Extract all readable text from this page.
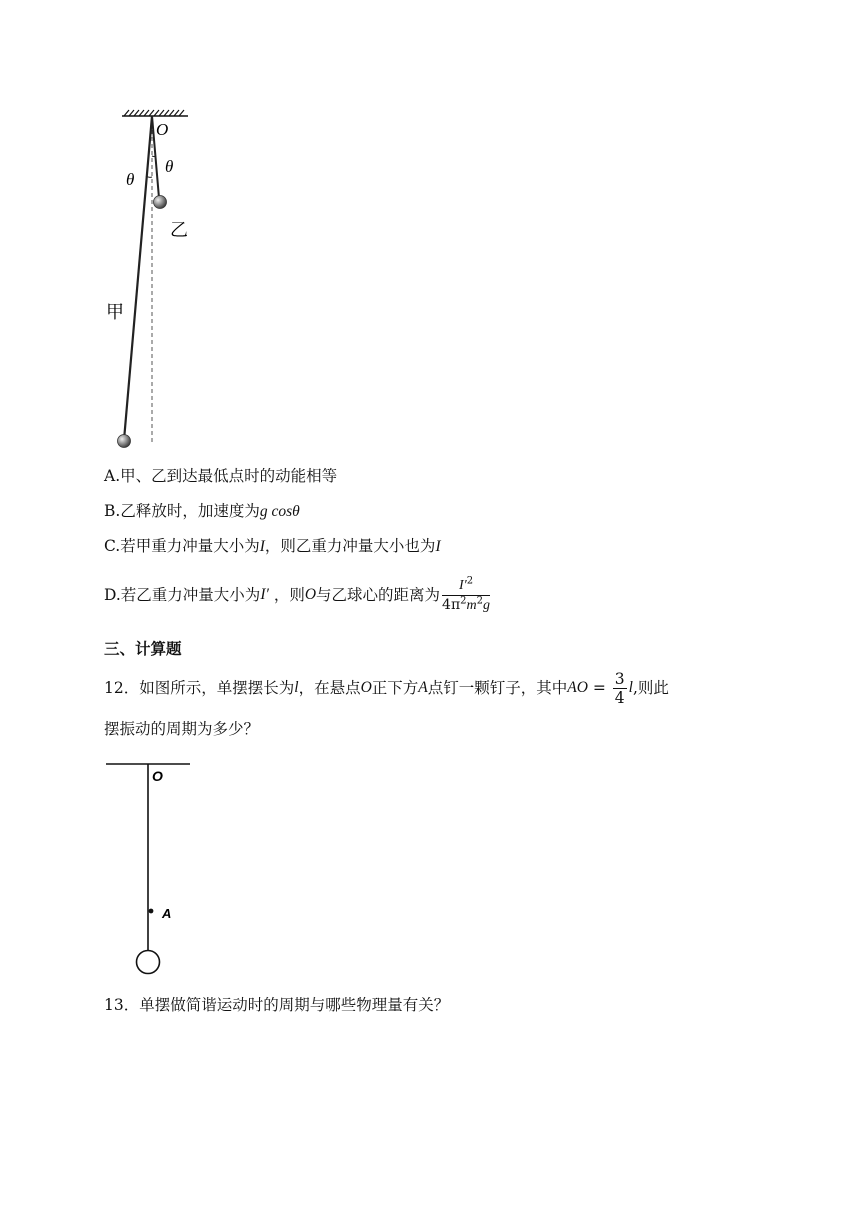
O
θ
θ
乙
甲
A.甲、乙到达最低点时的动能相等
B.乙释放时，加速度为g cosθ
C.若甲重力冲量大小为I，则乙重力冲量大小也为I
D.若乙重力冲量大小为 I′
，则 O 与乙球心的距离为 $\frac{I'^2}{4\pi^2m^2g}$
三、计算题
12． 如图所示，单摆摆长为 l ，在悬点 O 正下方 A 点钉一颗钉子，其中 AO = $\frac{3}{4}$ l ,则此
摆振动的周期为多少？
O
A
13．单摆做简谐运动时的周期与哪些物理量有关？
